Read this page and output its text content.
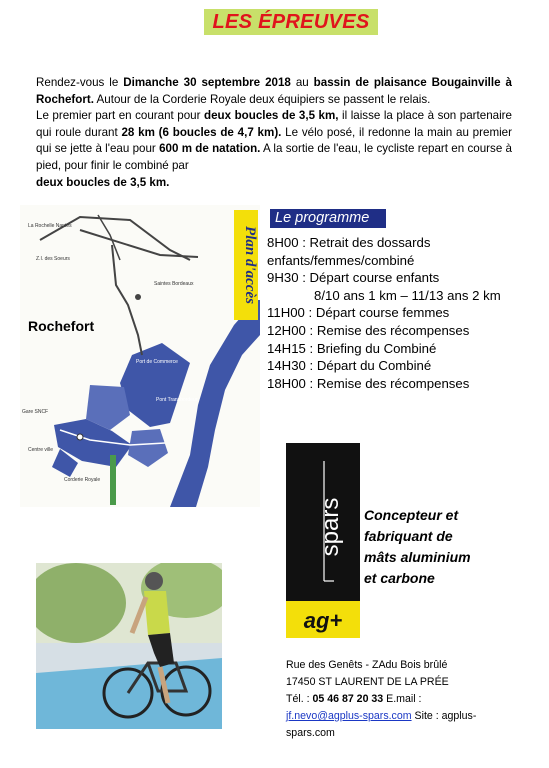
LES ÉPREUVES

Rendez-vous le Dimanche 30 septembre 2018 au bassin de plaisance Bougainville à Rochefort. Autour de la Corderie Royale deux équipiers se passent le relais.

Le premier part en courant pour deux boucles de 3,5 km, il laisse la place à son partenaire qui roule durant 28 km (6 boucles de 4,7 km). Le vélo posé, il redonne la main au premier qui se jette à l'eau pour 600 m de natation. A la sortie de l'eau, le cycliste repart en course à pied, pour finir le combiné par

deux boucles de 3,5 km.

Plan d'accès
Rochefort
La Rochelle Nantes
Z.I. des Soeurs
Saintes Bordeaux
Port de Commerce
Gare SNCF
Centre ville
Corderie Royale
Pont Transbordeur
Le programme
8H00 : Retrait des dossards
enfants/femmes/combiné
9H30 : Départ course enfants
8/10 ans 1 km – 11/13 ans 2 km
11H00 : Départ course femmes
12H00 : Remise des récompenses
14H15 : Briefing du Combiné
14H30 : Départ du Combiné
18H00 : Remise des récompenses
spars
ag+
Concepteur et
fabriquant de
mâts aluminium
et carbone
Rue des Genêts - ZAdu Bois brûlé
17450 ST LAURENT DE LA PRÉE
Tél. : 05 46 87 20 33 E.mail :
jf.nevo@agplus-spars.com Site : agplus-
spars.com
